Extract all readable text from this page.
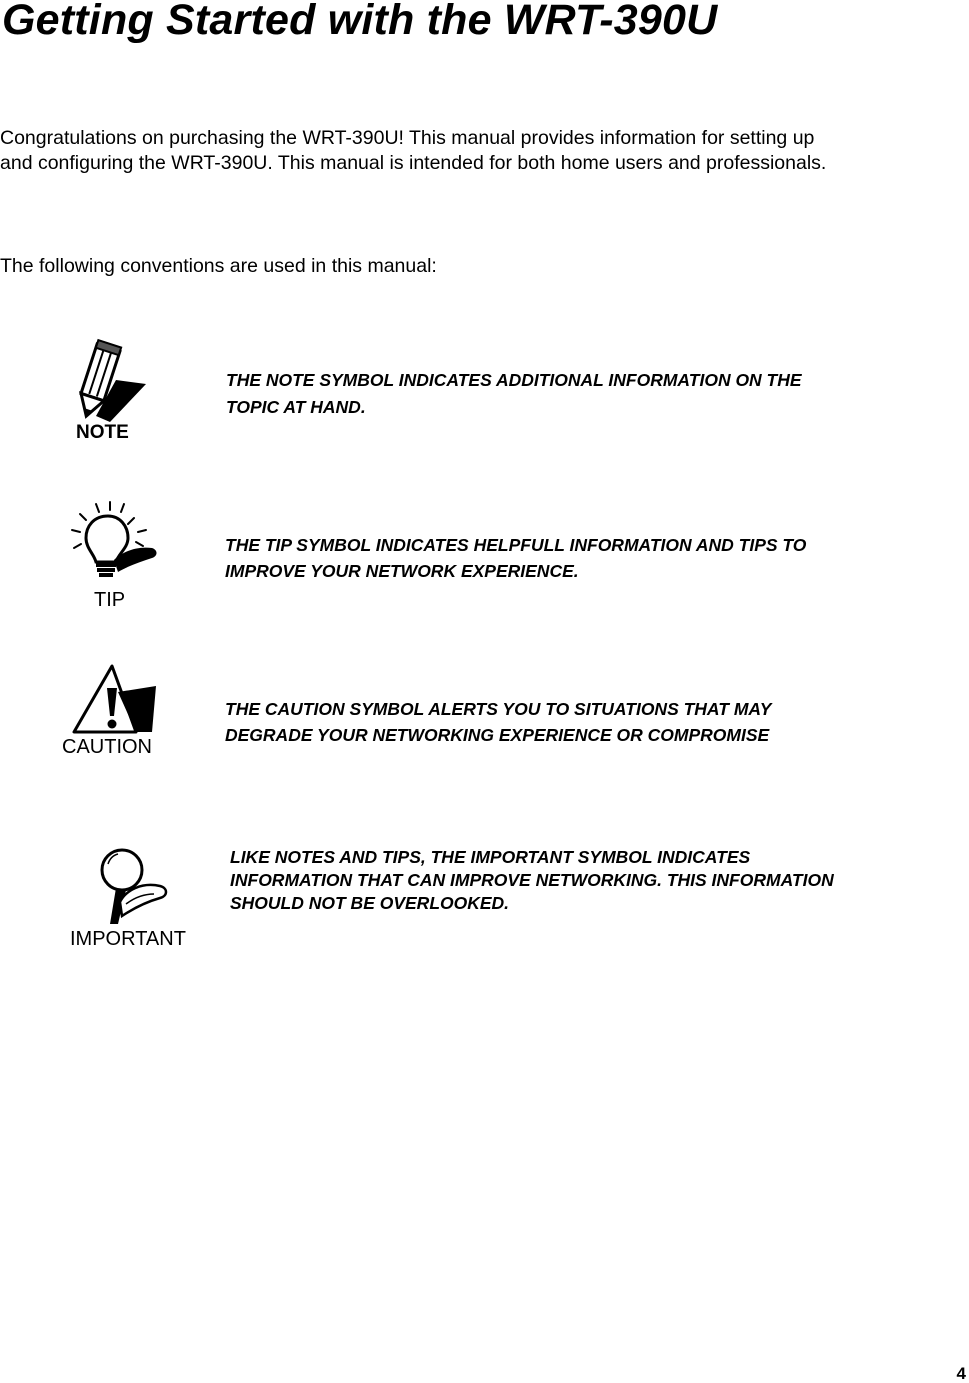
Getting Started with the WRT-390U

Congratulations on purchasing the WRT-390U! This manual provides information for setting up
and configuring the WRT-390U. This manual is intended for both home users and professionals.

The following conventions are used in this manual:

NOTE

THE NOTE SYMBOL INDICATES ADDITIONAL INFORMATION ON THE
TOPIC AT HAND.

TIP

THE TIP SYMBOL INDICATES HELPFULL INFORMATION AND TIPS TO
IMPROVE YOUR NETWORK EXPERIENCE.

CAUTION

THE CAUTION SYMBOL ALERTS YOU TO SITUATIONS THAT MAY
DEGRADE YOUR NETWORKING EXPERIENCE OR COMPROMISE

IMPORTANT

LIKE NOTES AND TIPS, THE IMPORTANT SYMBOL INDICATES
INFORMATION THAT CAN IMPROVE NETWORKING. THIS INFORMATION
SHOULD NOT BE OVERLOOKED.

4
